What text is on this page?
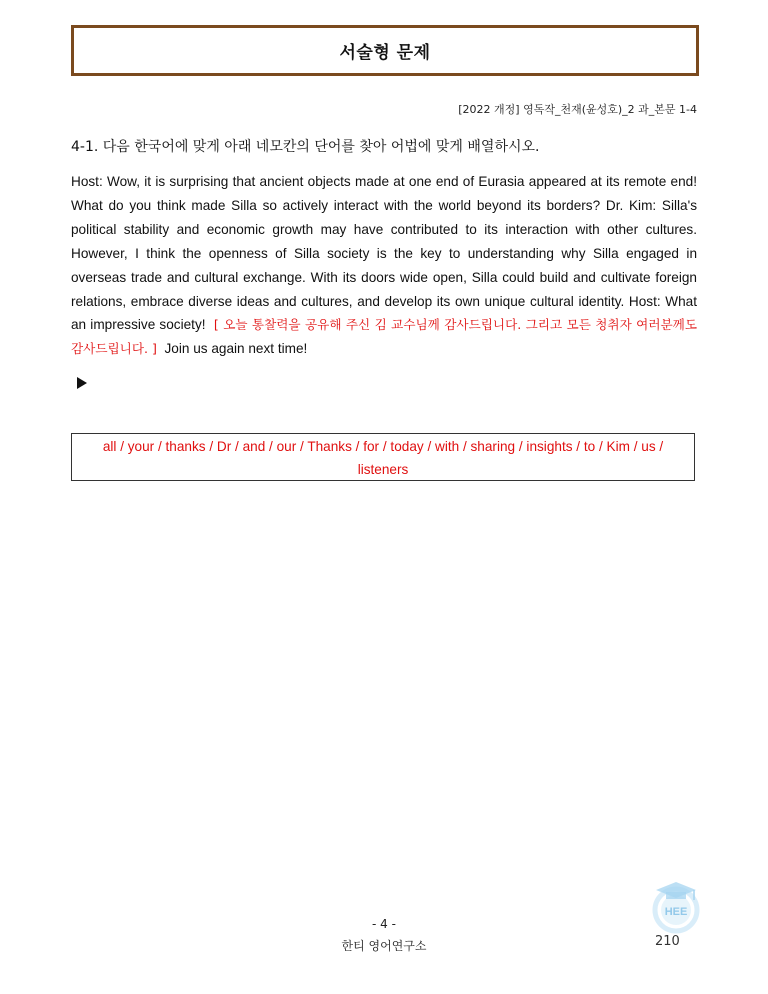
서술형 문제
[2022 개정] 영독작_천재(윤성호)_2 과_본문 1-4
4-1. 다음 한국어에 맞게 아래 네모칸의 단어를 찾아 어법에 맞게 배열하시오.
Host: Wow, it is surprising that ancient objects made at one end of Eurasia appeared at its remote end! What do you think made Silla so actively interact with the world beyond its borders? Dr. Kim: Silla's political stability and economic growth may have contributed to its interaction with other cultures. However, I think the openness of Silla society is the key to understanding why Silla engaged in overseas trade and cultural exchange. With its doors wide open, Silla could build and cultivate foreign relations, embrace diverse ideas and cultures, and develop its own unique cultural identity. Host: What an impressive society! [ 오늘 통찰력을 공유해 주신 김 교수님께 감사드립니다. 그리고 모든 청취자 여러분께도 감사드립니다. ] Join us again next time!
all / your / thanks / Dr / and / our / Thanks / for / today / with / sharing / insights / to / Kim / us / listeners
HEE
- 4 -
한티 영어연구소	210
